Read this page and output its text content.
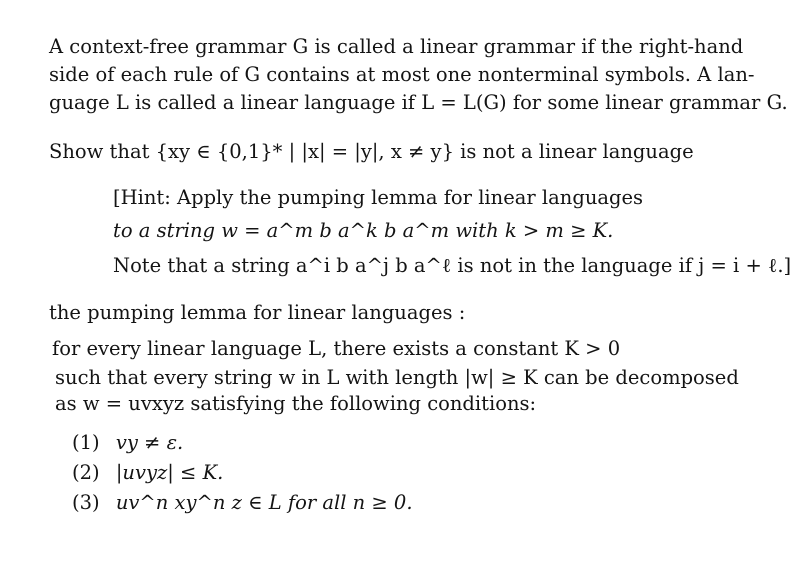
A context-free grammar G is called a linear grammar if the right-hand
side of each rule of G contains at most one nonterminal symbols. A lan-
guage L is called a linear language if L = L(G) for some linear grammar G.
Show that {xy ∈ {0,1}* | |x| = |y|, x ≠ y} is not a linear language
[Hint: Apply the pumping lemma for linear languages
to a string w = a^m b a^k b a^m with k > m ≥ K.
Note that a string a^i b a^j b a^ℓ is not in the language if j = i + ℓ.]
the pumping lemma for linear languages :
for every linear language L, there exists a constant K > 0
such that every string w in L with length |w| ≥ K can be decomposed
as w = uvxyz satisfying the following conditions:
(1) vy ≠ ε.
(2) |uvyz| ≤ K.
(3) uv^n xy^n z ∈ L for all n ≥ 0.
